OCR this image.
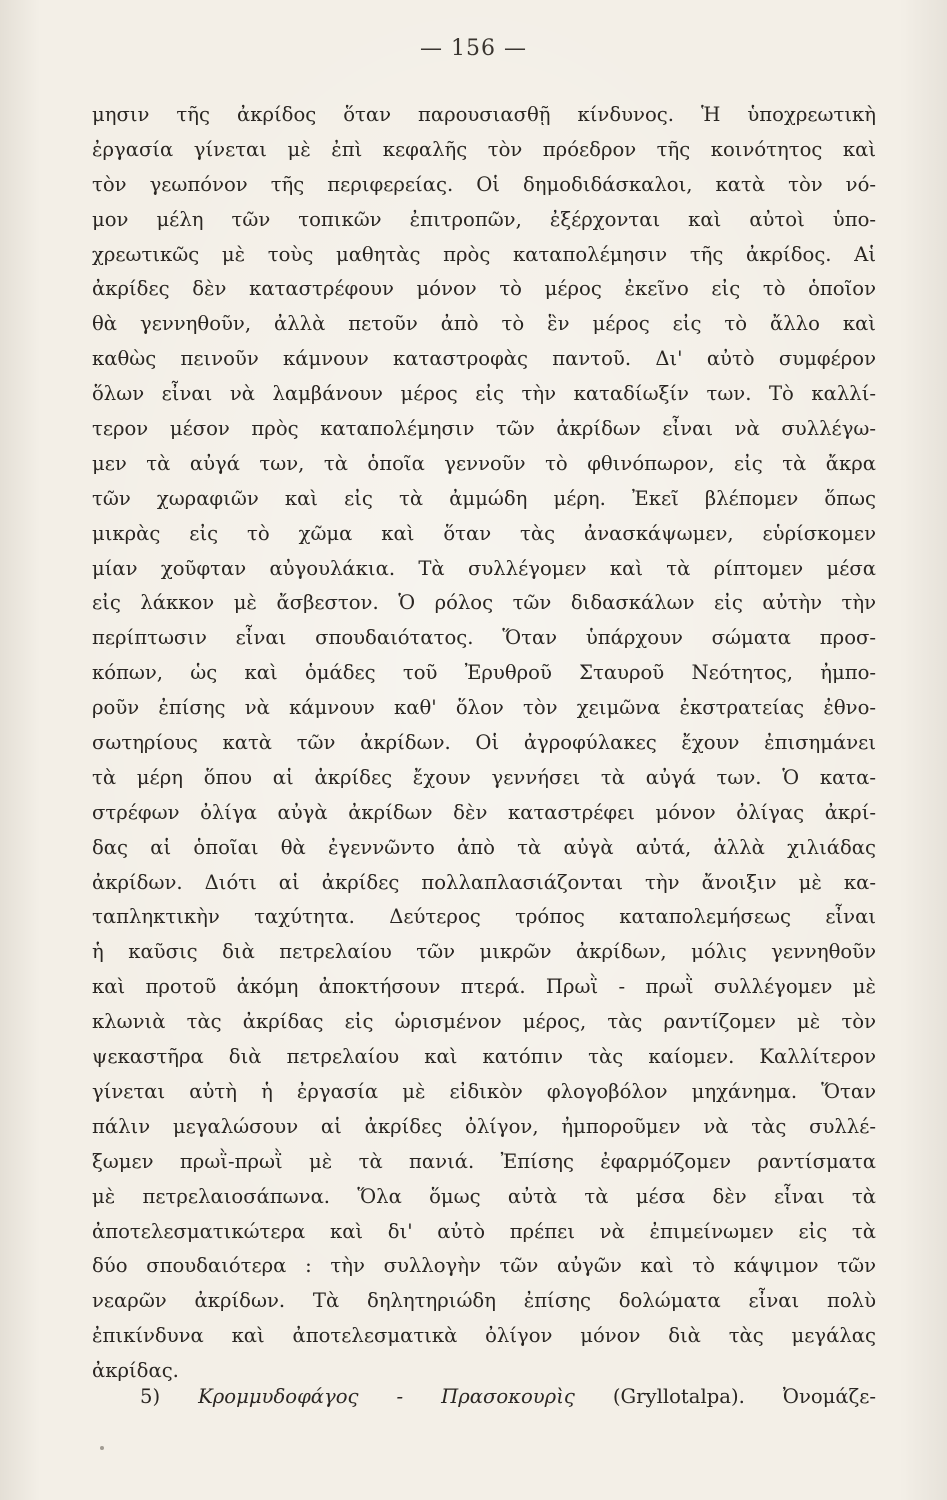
— 156 —
μησιν τῆς ἀκρίδος ὅταν παρουσιασθῇ κίνδυνος. Ἡ ὑποχρεωτικὴ
ἐργασία γίνεται μὲ ἐπὶ κεφαλῆς τὸν πρόεδρον τῆς κοινότητος καὶ
τὸν γεωπόνον τῆς περιφερείας. Οἱ δημοδιδάσκαλοι, κατὰ τὸν νό-
μον μέλη τῶν τοπικῶν ἐπιτροπῶν, ἐξέρχονται καὶ αὐτοὶ ὑπο-
χρεωτικῶς μὲ τοὺς μαθητὰς πρὸς καταπολέμησιν τῆς ἀκρίδος. Αἱ
ἀκρίδες δὲν καταστρέφουν μόνον τὸ μέρος ἐκεῖνο εἰς τὸ ὁποῖον
θὰ γεννηθοῦν, ἀλλὰ πετοῦν ἀπὸ τὸ ἓν μέρος εἰς τὸ ἄλλο καὶ
καθὼς πεινοῦν κάμνουν καταστροφὰς παντοῦ. Δι' αὐτὸ συμφέρον
ὅλων εἶναι νὰ λαμβάνουν μέρος εἰς τὴν καταδίωξίν των. Τὸ καλλί-
τερον μέσον πρὸς καταπολέμησιν τῶν ἀκρίδων εἶναι νὰ συλλέγω-
μεν τὰ αὐγά των, τὰ ὁποῖα γεννοῦν τὸ φθινόπωρον, εἰς τὰ ἄκρα
τῶν χωραφιῶν καὶ εἰς τὰ ἀμμώδη μέρη. Ἐκεῖ βλέπομεν ὅπως
μικρὰς εἰς τὸ χῶμα καὶ ὅταν τὰς ἀνασκάψωμεν, εὑρίσκομεν
μίαν χοῦφταν αὐγουλάκια. Τὰ συλλέγομεν καὶ τὰ ρίπτομεν μέσα
εἰς λάκκον μὲ ἄσβεστον. Ὁ ρόλος τῶν διδασκάλων εἰς αὐτὴν τὴν
περίπτωσιν εἶναι σπουδαιότατος. Ὅταν ὑπάρχουν σώματα προσ-
κόπων, ὡς καὶ ὁμάδες τοῦ Ἐρυθροῦ Σταυροῦ Νεότητος, ἠμπο-
ροῦν ἐπίσης νὰ κάμνουν καθ' ὅλον τὸν χειμῶνα ἐκστρατείας ἐθνο-
σωτηρίους κατὰ τῶν ἀκρίδων. Οἱ ἀγροφύλακες ἔχουν ἐπισημάνει
τὰ μέρη ὅπου αἱ ἀκρίδες ἔχουν γεννήσει τὰ αὐγά των. Ὁ κατα-
στρέφων ὀλίγα αὐγὰ ἀκρίδων δὲν καταστρέφει μόνον ὀλίγας ἀκρί-
δας αἱ ὁποῖαι θὰ ἐγεννῶντο ἀπὸ τὰ αὐγὰ αὐτά, ἀλλὰ χιλιάδας
ἀκρίδων. Διότι αἱ ἀκρίδες πολλαπλασιάζονται τὴν ἄνοιξιν μὲ κα-
ταπληκτικὴν ταχύτητα. Δεύτερος τρόπος καταπολεμήσεως εἶναι
ἡ καῦσις διὰ πετρελαίου τῶν μικρῶν ἀκρίδων, μόλις γεννηθοῦν
καὶ προτοῦ ἀκόμη ἀποκτήσουν πτερά. Πρωῒ - πρωῒ συλλέγομεν μὲ
κλωνιὰ τὰς ἀκρίδας εἰς ὡρισμένον μέρος, τὰς ραντίζομεν μὲ τὸν
ψεκαστῆρα διὰ πετρελαίου καὶ κατόπιν τὰς καίομεν. Καλλίτερον
γίνεται αὐτὴ ἡ ἐργασία μὲ εἰδικὸν φλογοβόλον μηχάνημα. Ὅταν
πάλιν μεγαλώσουν αἱ ἀκρίδες ὀλίγον, ἠμποροῦμεν νὰ τὰς συλλέ-
ξωμεν πρωῒ-πρωῒ μὲ τὰ πανιά. Ἐπίσης ἐφαρμόζομεν ραντίσματα
μὲ πετρελαιοσάπωνα. Ὅλα ὅμως αὐτὰ τὰ μέσα δὲν εἶναι τὰ
ἀποτελεσματικώτερα καὶ δι' αὐτὸ πρέπει νὰ ἐπιμείνωμεν εἰς τὰ
δύο σπουδαιότερα : τὴν συλλογὴν τῶν αὐγῶν καὶ τὸ κάψιμον τῶν
νεαρῶν ἀκρίδων. Τὰ δηλητηριώδη ἐπίσης δολώματα εἶναι πολὺ
ἐπικίνδυνα καὶ ἀποτελεσματικὰ ὀλίγον μόνον διὰ τὰς μεγάλας
ἀκρίδας.
5) Κρομμυδοφάγος - Πρασοκουρὶς (Gryllotalpa). Ὀνομάζε-
